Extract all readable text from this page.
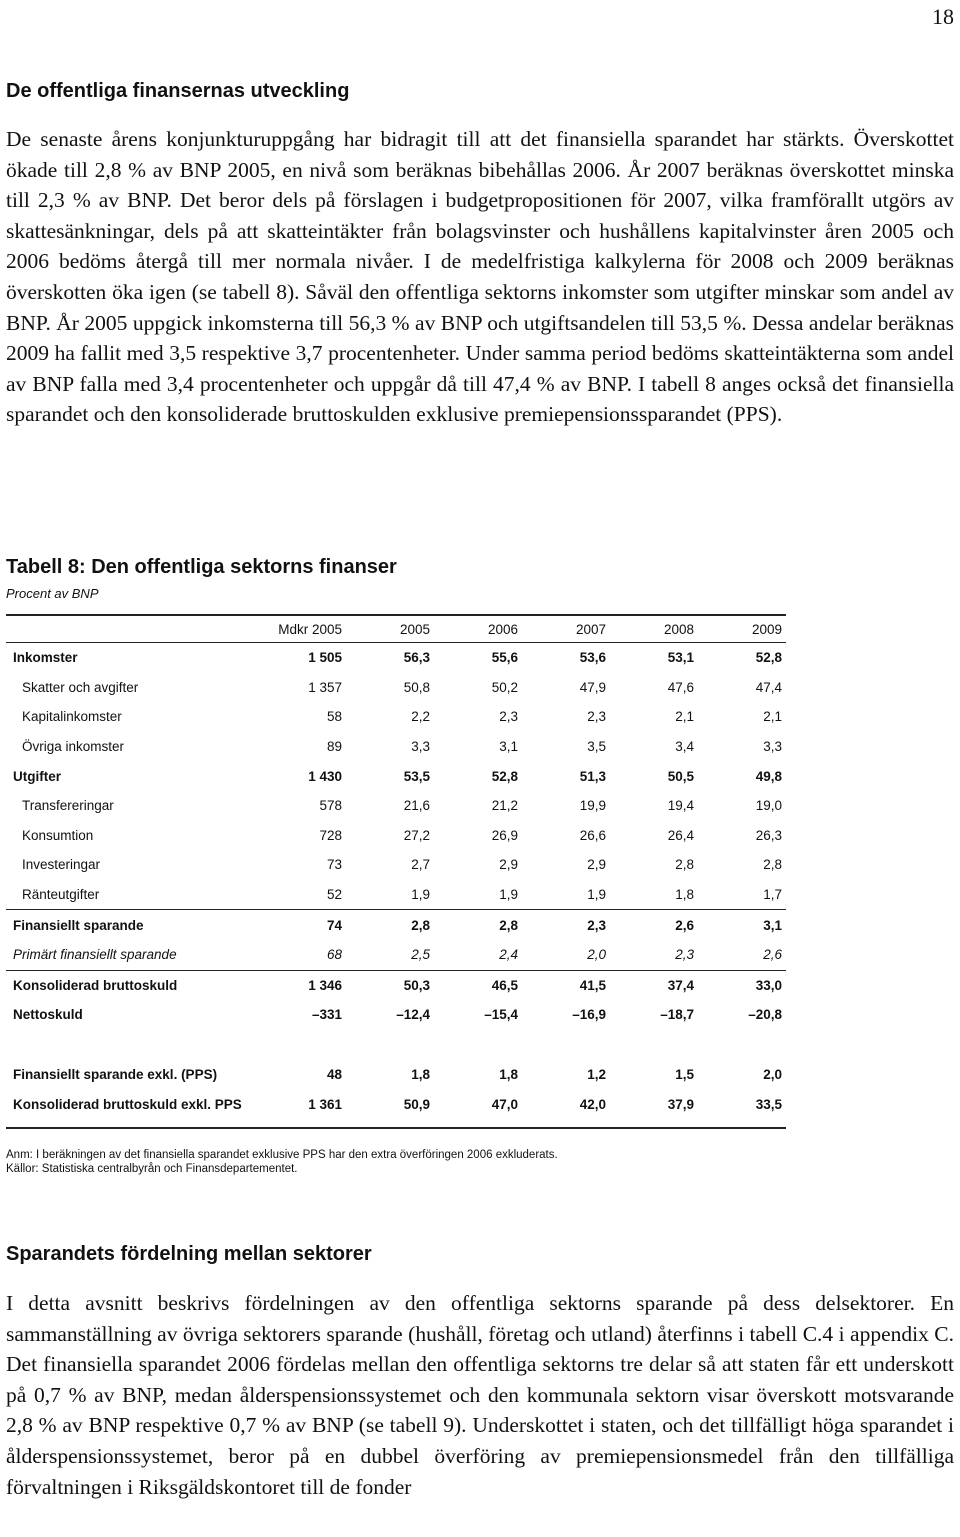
18
De offentliga finansernas utveckling

De senaste årens konjunkturuppgång har bidragit till att det finansiella sparandet har stärkts. Överskottet ökade till 2,8 % av BNP 2005, en nivå som beräknas bibehållas 2006. År 2007 beräknas överskottet minska till 2,3 % av BNP. Det beror dels på förslagen i budgetpropositionen för 2007, vilka framförallt utgörs av skattesänkningar, dels på att skatteintäkter från bolagsvinster och hushållens kapitalvinster åren 2005 och 2006 bedöms återgå till mer normala nivåer. I de medelfristiga kalkylerna för 2008 och 2009 beräknas överskotten öka igen (se tabell 8). Såväl den offentliga sektorns inkomster som utgifter minskar som andel av BNP. År 2005 uppgick inkomsterna till 56,3 % av BNP och utgiftsandelen till 53,5 %. Dessa andelar beräknas 2009 ha fallit med 3,5 respektive 3,7 procentenheter. Under samma period bedöms skatteintäkterna som andel av BNP falla med 3,4 procentenheter och uppgår då till 47,4 % av BNP. I tabell 8 anges också det finansiella sparandet och den konsoliderade bruttoskulden exklusive premiepensionssparandet (PPS).

Tabell 8: Den offentliga sektorns finanser
Procent av BNP
	Mdkr 2005	2005	2006	2007	2008	2009
Inkomster	1 505	56,3	55,6	53,6	53,1	52,8
Skatter och avgifter	1 357	50,8	50,2	47,9	47,6	47,4
Kapitalinkomster	58	2,2	2,3	2,3	2,1	2,1
Övriga inkomster	89	3,3	3,1	3,5	3,4	3,3
Utgifter	1 430	53,5	52,8	51,3	50,5	49,8
Transfereringar	578	21,6	21,2	19,9	19,4	19,0
Konsumtion	728	27,2	26,9	26,6	26,4	26,3
Investeringar	73	2,7	2,9	2,9	2,8	2,8
Ränteutgifter	52	1,9	1,9	1,9	1,8	1,7
Finansiellt sparande	74	2,8	2,8	2,3	2,6	3,1
Primärt finansiellt sparande	68	2,5	2,4	2,0	2,3	2,6
Konsoliderad bruttoskuld	1 346	50,3	46,5	41,5	37,4	33,0
Nettoskuld	–331	–12,4	–15,4	–16,9	–18,7	–20,8

Finansiellt sparande exkl. (PPS)	48	1,8	1,8	1,2	1,5	2,0
Konsoliderad bruttoskuld exkl. PPS	1 361	50,9	47,0	42,0	37,9	33,5

Anm: I beräkningen av det finansiella sparandet exklusive PPS har den extra överföringen 2006 exkluderats.
Källor: Statistiska centralbyrån och Finansdepartementet.
Sparandets fördelning mellan sektorer

I detta avsnitt beskrivs fördelningen av den offentliga sektorns sparande på dess delsektorer. En sammanställning av övriga sektorers sparande (hushåll, företag och utland) återfinns i tabell C.4 i appendix C. Det finansiella sparandet 2006 fördelas mellan den offentliga sektorns tre delar så att staten får ett underskott på 0,7 % av BNP, medan ålderspensionssystemet och den kommunala sektorn visar överskott motsvarande 2,8 % av BNP respektive 0,7 % av BNP (se tabell 9). Underskottet i staten, och det tillfälligt höga sparandet i ålderspensionssystemet, beror på en dubbel överföring av premiepensionsmedel från den tillfälliga förvaltningen i Riksgäldskontoret till de fonder
